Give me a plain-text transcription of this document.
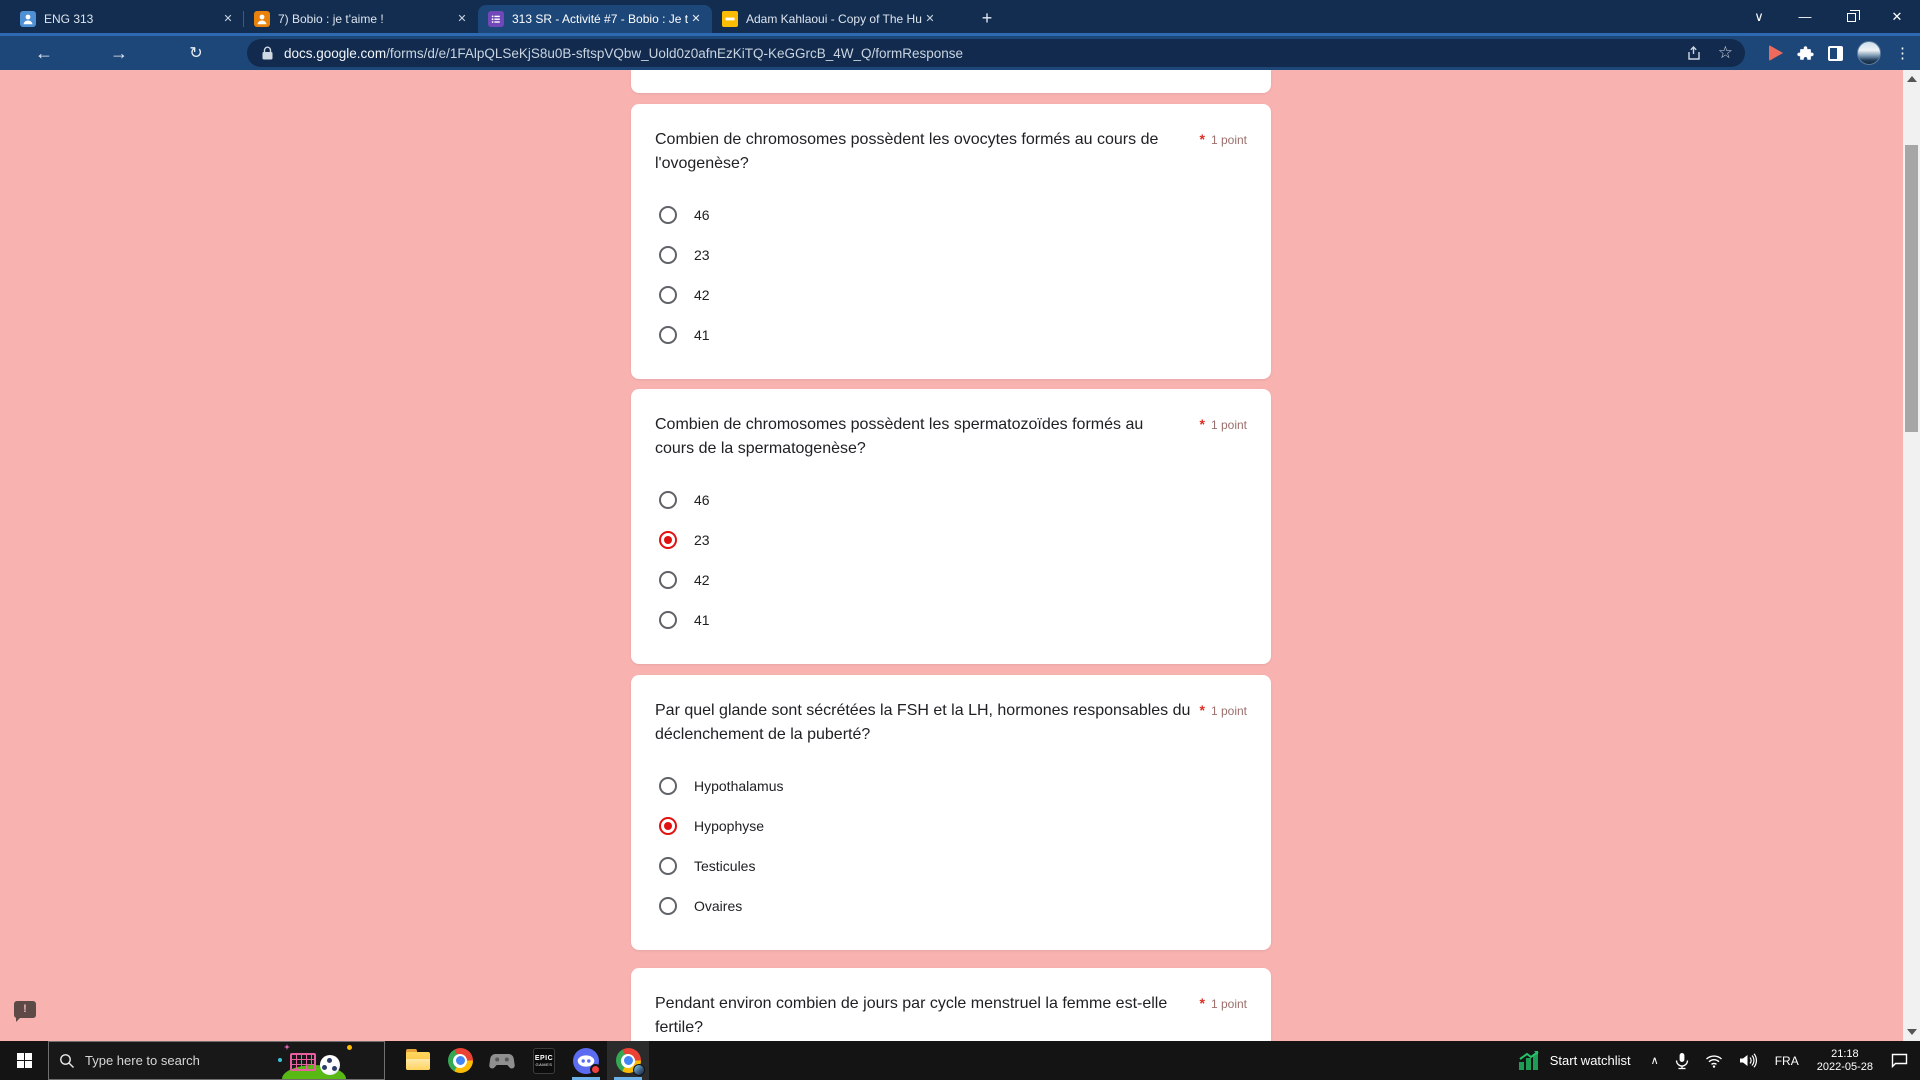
ENG 313	✕	7) Bobio : je t'aime !	✕	313 SR - Activité #7 - Bobio : Je t ✕	Adam Kahlaoui - Copy of The Hu ✕	+	∨	—	✕
←	→	↻	docs.google.com/forms/d/e/1FAlpQLSeKjS8u0B-sftspVQbw_Uold0z0afnEzKiTQ-KeGGrcB_4W_Q/formResponse	☆	⋮
Combien de chromosomes possèdent les ovocytes formés au cours de l'ovogenèse?
* 1 point
46
23
42
41
Combien de chromosomes possèdent les spermatozoïdes formés au cours de la spermatogenèse?
* 1 point
46
23
42
41
Par quel glande sont sécrétées la FSH et la LH, hormones responsables du déclenchement de la puberté?
* 1 point
Hypothalamus
Hypophyse
Testicules
Ovaires
Pendant environ combien de jours par cycle menstruel la femme est-elle fertile?
* 1 point
!
Type here to search	EPIC
GAMES	Start watchlist	∧	FRA	21:18
2022-05-28
